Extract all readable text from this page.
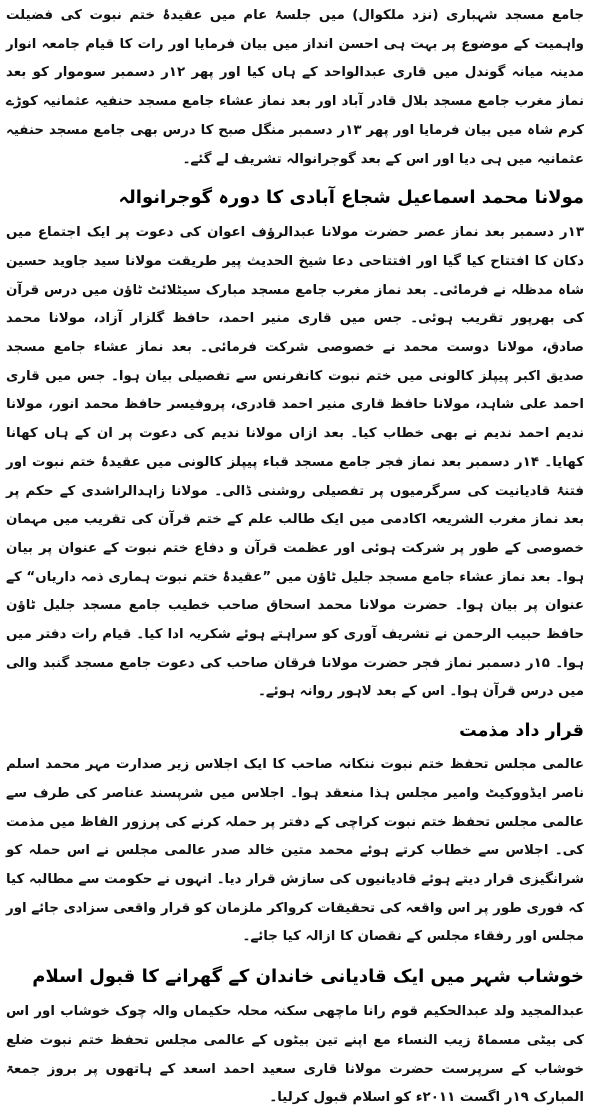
جامع مسجد شہباری (نزد ملکوال) میں جلسۂ عام میں عقیدۂ ختم نبوت کی فضیلت واہمیت کے موضوع پر بہت ہی احسن انداز میں بیان فرمایا اور رات کا قیام جامعہ انوار مدینہ میانہ گوندل میں قاری عبدالواحد کے ہاں کیا اور پھر ۱۲ر دسمبر سوموار کو بعد نماز مغرب جامع مسجد بلال قادر آباد اور بعد نماز عشاء جامع مسجد حنفیہ عثمانیہ کوڑے کرم شاہ میں بیان فرمایا اور پھر ۱۳ر دسمبر منگل صبح کا درس بھی جامع مسجد حنفیہ عثمانیہ میں ہی دیا اور اس کے بعد گوجرانوالہ تشریف لے گئے۔

مولانا محمد اسماعیل شجاع آبادی کا دورہ گوجرانوالہ

۱۳ر دسمبر بعد نماز عصر حضرت مولانا عبدالرؤف اعوان کی دعوت پر ایک اجتماع میں دکان کا افتتاح کیا گیا اور افتتاحی دعا شیخ الحدیث پیر طریقت مولانا سید جاوید حسین شاہ مدظلہ نے فرمائی۔ بعد نماز مغرب جامع مسجد مبارک سیٹلائٹ ٹاؤن میں درس قرآن کی بھرپور تقریب ہوئی۔ جس میں قاری منیر احمد، حافظ گلزار آزاد، مولانا محمد صادق، مولانا دوست محمد نے خصوصی شرکت فرمائی۔ بعد نماز عشاء جامع مسجد صدیق اکبر پیپلز کالونی میں ختم نبوت کانفرنس سے تفصیلی بیان ہوا۔ جس میں قاری احمد علی شاہد، مولانا حافظ قاری منیر احمد قادری، پروفیسر حافظ محمد انور، مولانا ندیم احمد ندیم نے بھی خطاب کیا۔ بعد ازاں مولانا ندیم کی دعوت پر ان کے ہاں کھانا کھایا۔ ۱۴ر دسمبر بعد نماز فجر جامع مسجد قباء پیپلز کالونی میں عقیدۂ ختم نبوت اور فتنۂ قادیانیت کی سرگرمیوں پر تفصیلی روشنی ڈالی۔ مولانا زاہدالراشدی کے حکم پر بعد نماز مغرب الشریعہ اکادمی میں ایک طالب علم کے ختم قرآن کی تقریب میں مہمان خصوصی کے طور پر شرکت ہوئی اور عظمت قرآن و دفاع ختم نبوت کے عنوان پر بیان ہوا۔ بعد نماز عشاء جامع مسجد جلیل ٹاؤن میں ”عقیدۂ ختم نبوت ہماری ذمہ داریاں“ کے عنوان پر بیان ہوا۔ حضرت مولانا محمد اسحاق صاحب خطیب جامع مسجد جلیل ٹاؤن حافظ حبیب الرحمن نے تشریف آوری کو سراہتے ہوئے شکریہ ادا کیا۔ قیام رات دفتر میں ہوا۔ ۱۵ر دسمبر نماز فجر حضرت مولانا فرقان صاحب کی دعوت جامع مسجد گنبد والی میں درس قرآن ہوا۔ اس کے بعد لاہور روانہ ہوئے۔

قرار داد مذمت

عالمی مجلس تحفظ ختم نبوت ننکانہ صاحب کا ایک اجلاس زیر صدارت مہر محمد اسلم ناصر ایڈووکیٹ وامیر مجلس ہذا منعقد ہوا۔ اجلاس میں شرپسند عناصر کی طرف سے عالمی مجلس تحفظ ختم نبوت کراچی کے دفتر پر حملہ کرنے کی پرزور الفاظ میں مذمت کی۔ اجلاس سے خطاب کرتے ہوئے محمد متین خالد صدر عالمی مجلس نے اس حملہ کو شرانگیزی قرار دیتے ہوئے قادیانیوں کی سازش قرار دیا۔ انہوں نے حکومت سے مطالبہ کیا کہ فوری طور پر اس واقعہ کی تحقیقات کرواکر ملزمان کو قرار واقعی سزادی جائے اور مجلس اور رفقاء مجلس کے نقصان کا ازالہ کیا جائے۔

خوشاب شہر میں ایک قادیانی خاندان کے گھرانے کا قبول اسلام

عبدالمجید ولد عبدالحکیم قوم رانا ماچھی سکنہ محلہ حکیماں والہ چوک خوشاب اور اس کی بیٹی مسماۃ زیب النساء مع اپنے تین بیٹوں کے عالمی مجلس تحفظ ختم نبوت ضلع خوشاب کے سرپرست حضرت مولانا قاری سعید احمد اسعد کے ہاتھوں پر بروز جمعۃ المبارک ۱۹ر اگست ۲۰۱۱ء کو اسلام قبول کرلیا۔
